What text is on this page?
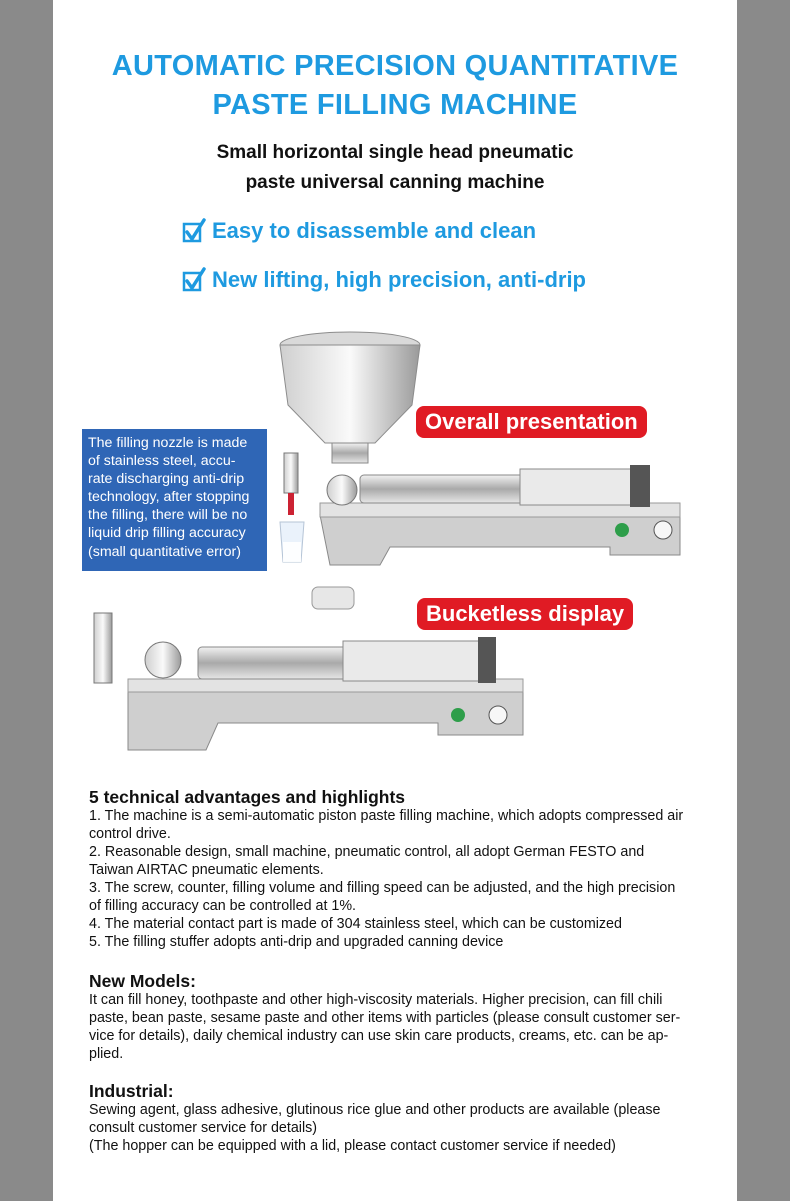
AUTOMATIC PRECISION QUANTITATIVE
PASTE FILLING MACHINE
Small horizontal single head pneumatic
paste universal canning machine
Easy to disassemble and clean
New lifting, high precision, anti-drip
Overall presentation
The filling nozzle is made
of stainless steel, accu-
rate discharging anti-drip
technology, after stopping
the filling, there will be no
liquid drip filling accuracy
(small quantitative error)
Bucketless display
5 technical advantages and highlights
1. The machine is a semi-automatic piston paste filling machine, which adopts compressed air
control drive.
2. Reasonable design, small machine, pneumatic control, all adopt German FESTO and
Taiwan AIRTAC pneumatic elements.
3. The screw, counter, filling volume and filling speed can be adjusted, and the high precision
of filling accuracy can be controlled at 1%.
4. The material contact part is made of 304 stainless steel, which can be customized
5. The filling stuffer adopts anti-drip and upgraded canning device
New Models:
It can fill honey, toothpaste and other high-viscosity materials. Higher precision, can fill chili
paste, bean paste, sesame paste and other items with particles (please consult customer ser-
vice for details), daily chemical industry can use skin care products, creams, etc. can be ap-
plied.
Industrial:
Sewing agent, glass adhesive, glutinous rice glue and other products are available (please
consult customer service for details)
(The hopper can be equipped with a lid, please contact customer service if needed)
